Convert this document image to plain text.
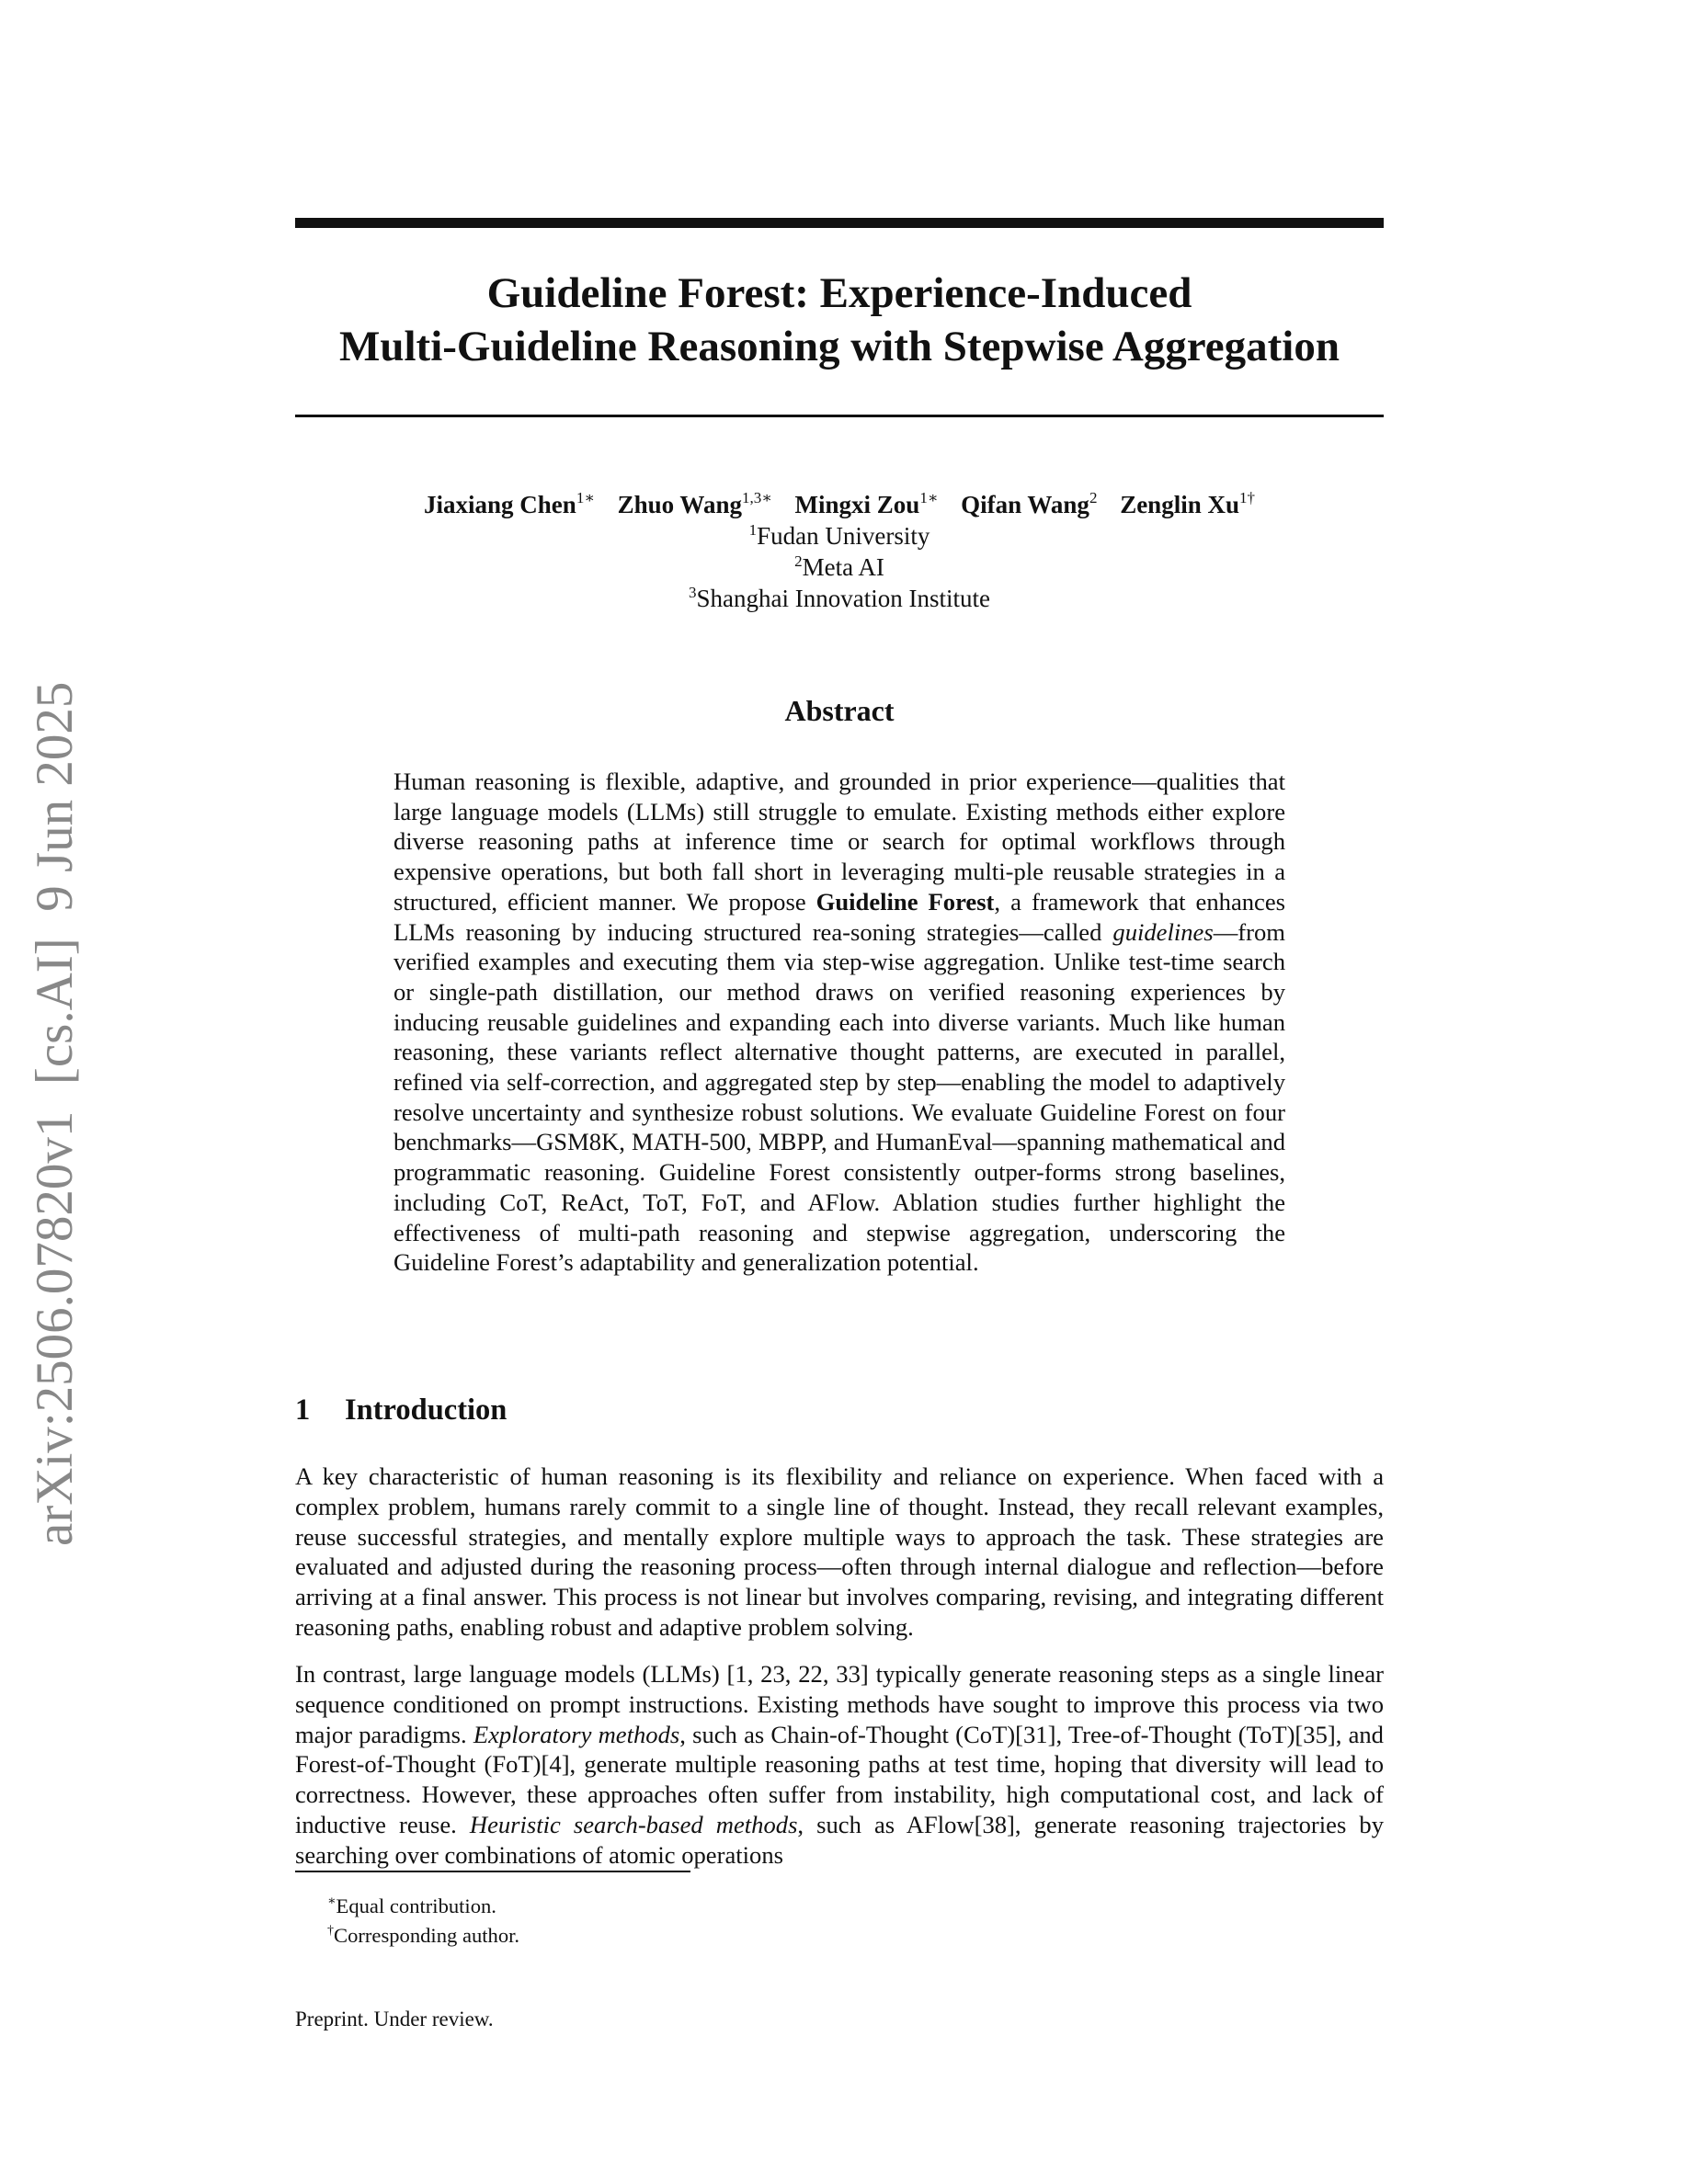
arXiv:2506.07820v1  [cs.AI]  9 Jun 2025
Guideline Forest: Experience-Induced
Multi-Guideline Reasoning with Stepwise Aggregation
Jiaxiang Chen$^{1∗}$ Zhuo Wang$^{1,3∗}$ Mingxi Zou$^{1∗}$ Qifan Wang$^2$ Zenglin $Xu^{1\dagger}$
$^1$Fudan University
$^2$Meta AI
$^3$Shanghai Innovation Institute
Abstract
Human reasoning is flexible, adaptive, and grounded in prior experience—qualities that large language models (LLMs) still struggle to emulate. Existing methods either explore diverse reasoning paths at inference time or search for optimal workflows through expensive operations, but both fall short in leveraging multi-ple reusable strategies in a structured, efficient manner. We propose Guideline Forest, a framework that enhances LLMs reasoning by inducing structured rea-soning strategies—called guidelines—from verified examples and executing them via step-wise aggregation. Unlike test-time search or single-path distillation, our method draws on verified reasoning experiences by inducing reusable guidelines and expanding each into diverse variants. Much like human reasoning, these variants reflect alternative thought patterns, are executed in parallel, refined via self-correction, and aggregated step by step—enabling the model to adaptively resolve uncertainty and synthesize robust solutions. We evaluate Guideline Forest on four benchmarks—GSM8K, MATH-500, MBPP, and HumanEval—spanning mathematical and programmatic reasoning. Guideline Forest consistently outper-forms strong baselines, including CoT, ReAct, ToT, FoT, and AFlow. Ablation studies further highlight the effectiveness of multi-path reasoning and stepwise aggregation, underscoring the Guideline Forest’s adaptability and generalization potential.
1 Introduction
A key characteristic of human reasoning is its flexibility and reliance on experience. When faced with a complex problem, humans rarely commit to a single line of thought. Instead, they recall relevant examples, reuse successful strategies, and mentally explore multiple ways to approach the task. These strategies are evaluated and adjusted during the reasoning process—often through internal dialogue and reflection—before arriving at a final answer. This process is not linear but involves comparing, revising, and integrating different reasoning paths, enabling robust and adaptive problem solving.
In contrast, large language models (LLMs) [1, 23, 22, 33] typically generate reasoning steps as a single linear sequence conditioned on prompt instructions. Existing methods have sought to improve this process via two major paradigms. Exploratory methods, such as Chain-of-Thought (CoT)[31], Tree-of-Thought (ToT)[35], and Forest-of-Thought (FoT)[4], generate multiple reasoning paths at test time, hoping that diversity will lead to correctness. However, these approaches often suffer from instability, high computational cost, and lack of inductive reuse. Heuristic search-based methods, such as AFlow[38], generate reasoning trajectories by searching over combinations of atomic operations
∗Equal contribution.
†Corresponding author.
Preprint. Under review.
